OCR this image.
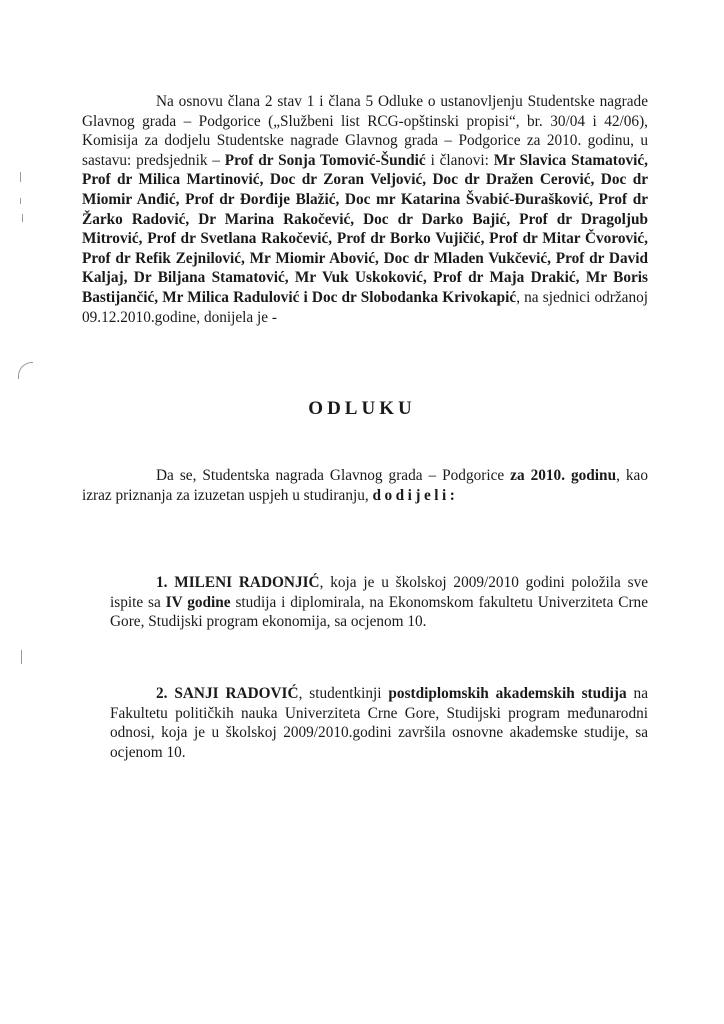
Na osnovu člana 2 stav 1 i člana 5 Odluke o ustanovljenju Studentske nagrade Glavnog grada – Podgorice („Službeni list RCG-opštinski propisi“, br. 30/04 i 42/06), Komisija za dodjelu Studentske nagrade Glavnog grada – Podgorice za 2010. godinu, u sastavu: predsjednik – Prof dr Sonja Tomović-Šundić i članovi: Mr Slavica Stamatović, Prof dr Milica Martinović, Doc dr Zoran Veljović, Doc dr Dražen Cerović, Doc dr Miomir Anđić, Prof dr Đorđije Blažić, Doc mr Katarina Švabić-Đurašković, Prof dr Žarko Radović, Dr Marina Rakočević, Doc dr Darko Bajić, Prof dr Dragoljub Mitrović, Prof dr Svetlana Rakočević, Prof dr Borko Vujičić, Prof dr Mitar Čvorović, Prof dr Refik Zejnilović, Mr Miomir Abović, Doc dr Mladen Vukčević, Prof dr David Kaljaj, Dr Biljana Stamatović, Mr Vuk Uskoković, Prof dr Maja Drakić, Mr Boris Bastijančić, Mr Milica Radulović i Doc dr Slobodanka Krivokapić, na sjednici održanoj 09.12.2010.godine, donijela je -

ODLUKU

Da se, Studentska nagrada Glavnog grada – Podgorice za 2010. godinu, kao izraz priznanja za izuzetan uspjeh u studiranju, dodijeli:

1. MILENI RADONJIĆ, koja je u školskoj 2009/2010 godini položila sve ispite sa IV godine studija i diplomirala, na Ekonomskom fakultetu Univerziteta Crne Gore, Studijski program ekonomija, sa ocjenom 10.

2. SANJI RADOVIĆ, studentkinji postdiplomskih akademskih studija na Fakultetu političkih nauka Univerziteta Crne Gore, Studijski program međunarodni odnosi, koja je u školskoj 2009/2010.godini završila osnovne akademske studije, sa ocjenom 10.
